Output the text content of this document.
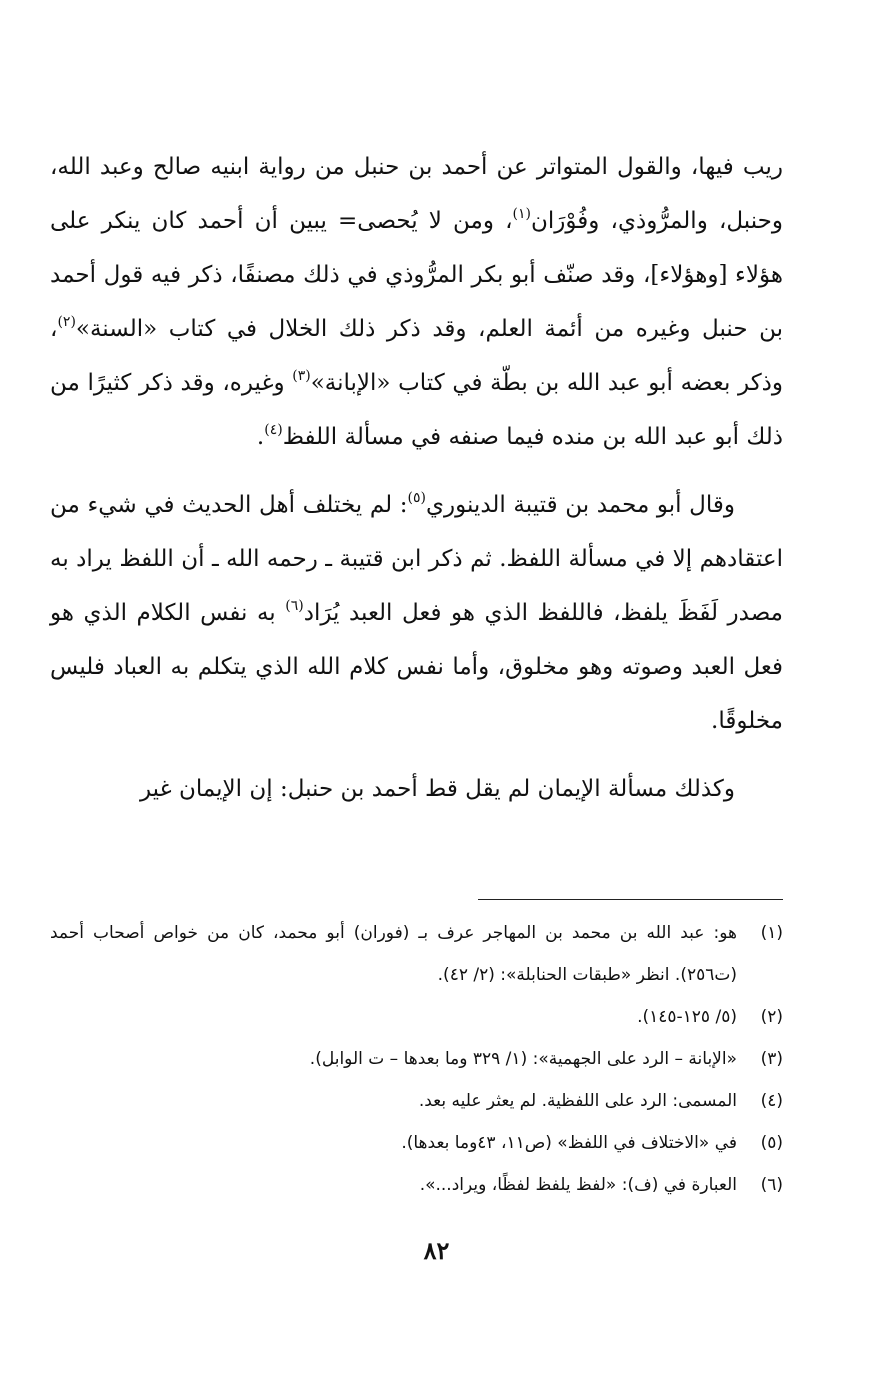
ريب فيها، والقول المتواتر عن أحمد بن حنبل من رواية ابنيه صالح وعبد الله، وحنبل، والمرُّوذي، وفُوْرَان$^{(١)}$، ومن لا يُحصى= يبين أن أحمد كان ينكر على هؤلاء [وهؤلاء]، وقد صنّف أبو بكر المرُّوذي في ذلك مصنفًا، ذكر فيه قول أحمد بن حنبل وغيره من أئمة العلم، وقد ذكر ذلك الخلال في كتاب «السنة»$^{(٢)}$، وذكر بعضه أبو عبد الله بن بطّة في كتاب «الإبانة»$^{(٣)}$ وغيره، وقد ذكر كثيرًا من ذلك أبو عبد الله بن منده فيما صنفه في مسألة اللفظ$^{(٤)}$.

وقال أبو محمد بن قتيبة الدينوري$^{(٥)}$: لم يختلف أهل الحديث في شيء من اعتقادهم إلا في مسألة اللفظ. ثم ذكر ابن قتيبة ـ رحمه الله ـ أن اللفظ يراد به مصدر لَفَظَ يلفظ، فاللفظ الذي هو فعل العبد يُرَاد$^{(٦)}$ به نفس الكلام الذي هو فعل العبد وصوته وهو مخلوق، وأما نفس كلام الله الذي يتكلم به العباد فليس مخلوقًا.

وكذلك مسألة الإيمان لم يقل قط أحمد بن حنبل: إن الإيمان غير

(١)
هو: عبد الله بن محمد بن المهاجر عرف بـ (فوران) أبو محمد، كان من خواص أصحاب أحمد (ت٢٥٦). انظر «طبقات الحنابلة»: (٢/ ٤٢).
(٢)
(٥/ ١٢٥-١٤٥).
(٣)
«الإبانة – الرد على الجهمية»: (١/ ٣٢٩ وما بعدها – ت الوابل).
(٤)
المسمى: الرد على اللفظية. لم يعثر عليه بعد.
(٥)
في «الاختلاف في اللفظ» (ص١١، ٤٣وما بعدها).
(٦)
العبارة في (ف): «لفظ يلفظ لفظًا، ويراد...».
٨٢
